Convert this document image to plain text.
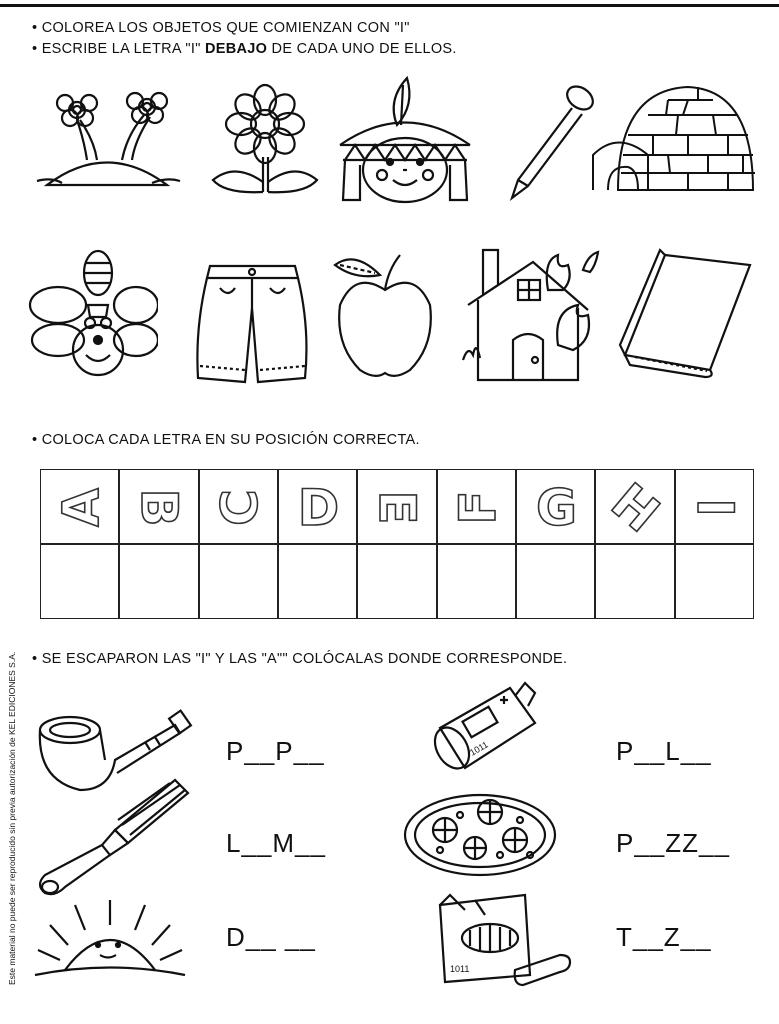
• COLOREA LOS OBJETOS QUE COMIENZAN CON "I"
• ESCRIBE LA LETRA "I" DEBAJO DE CADA UNO DE ELLOS.
• COLOCA CADA LETRA EN SU POSICIÓN CORRECTA.
A B C D E F G H I
• SE ESCAPARON LAS "I" Y LAS "A"" COLÓCALAS DONDE CORRESPONDE.
1011
1011
P__P__	P__L__
L__M__	P__ZZ__
D__ __	T__Z__
Este material no puede ser reproducido sin previa autorización de KEL EDICIONES S.A.
